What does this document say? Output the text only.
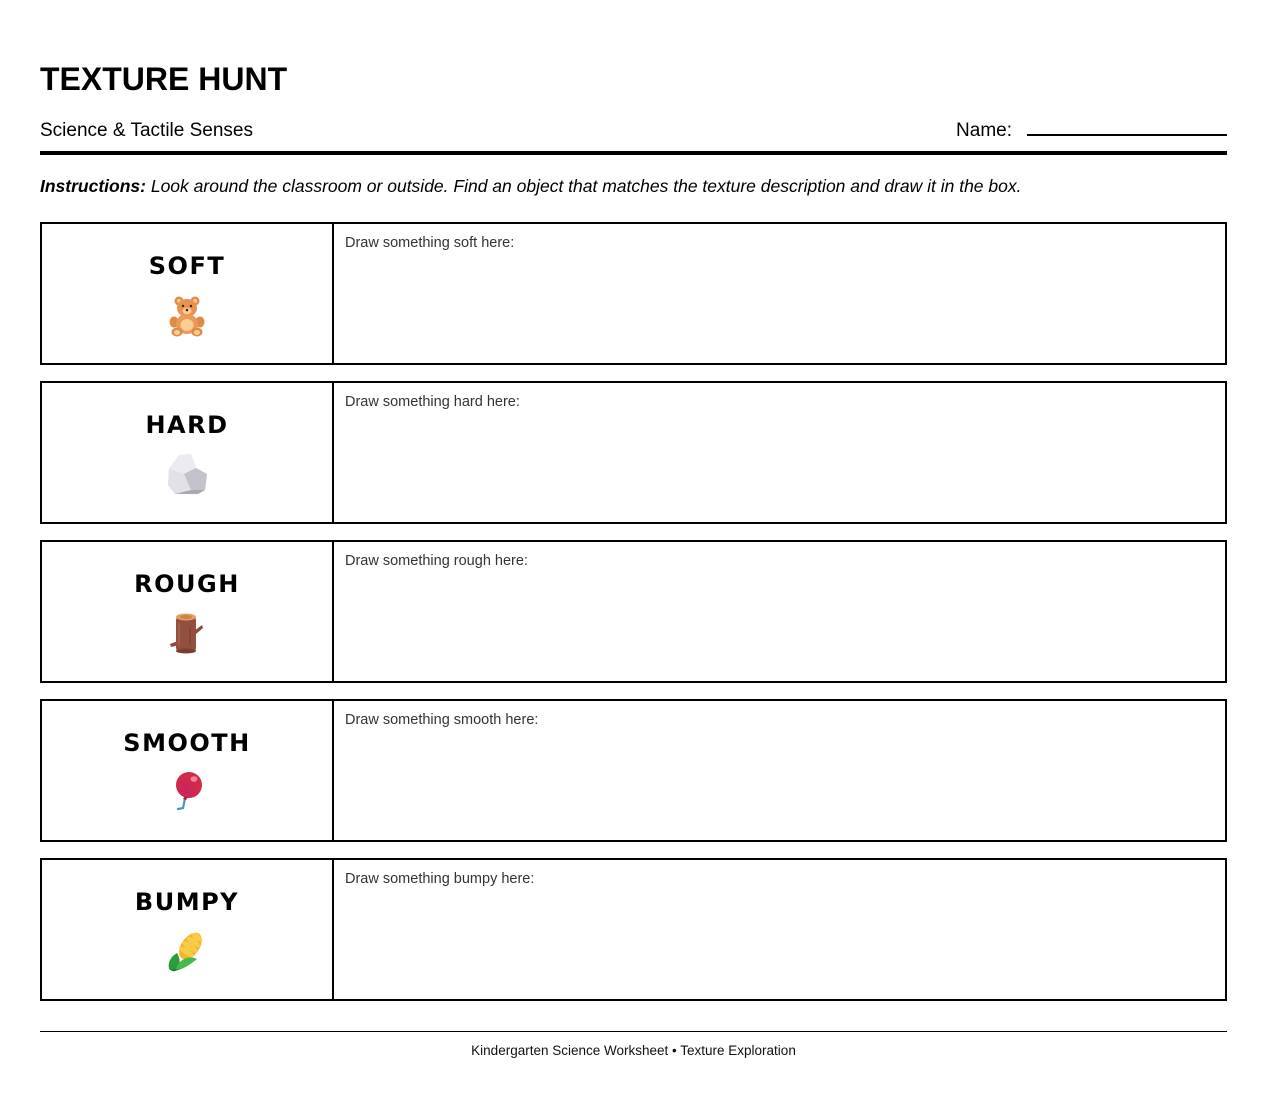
TEXTURE HUNT
Science & Tactile Senses	Name:

Instructions: Look around the classroom or outside. Find an object that matches the texture description and draw it in the box.

SOFT
Draw something soft here:
HARD
Draw something hard here:
ROUGH
Draw something rough here:
SMOOTH
Draw something smooth here:
BUMPY
Draw something bumpy here:
Kindergarten Science Worksheet • Texture Exploration
